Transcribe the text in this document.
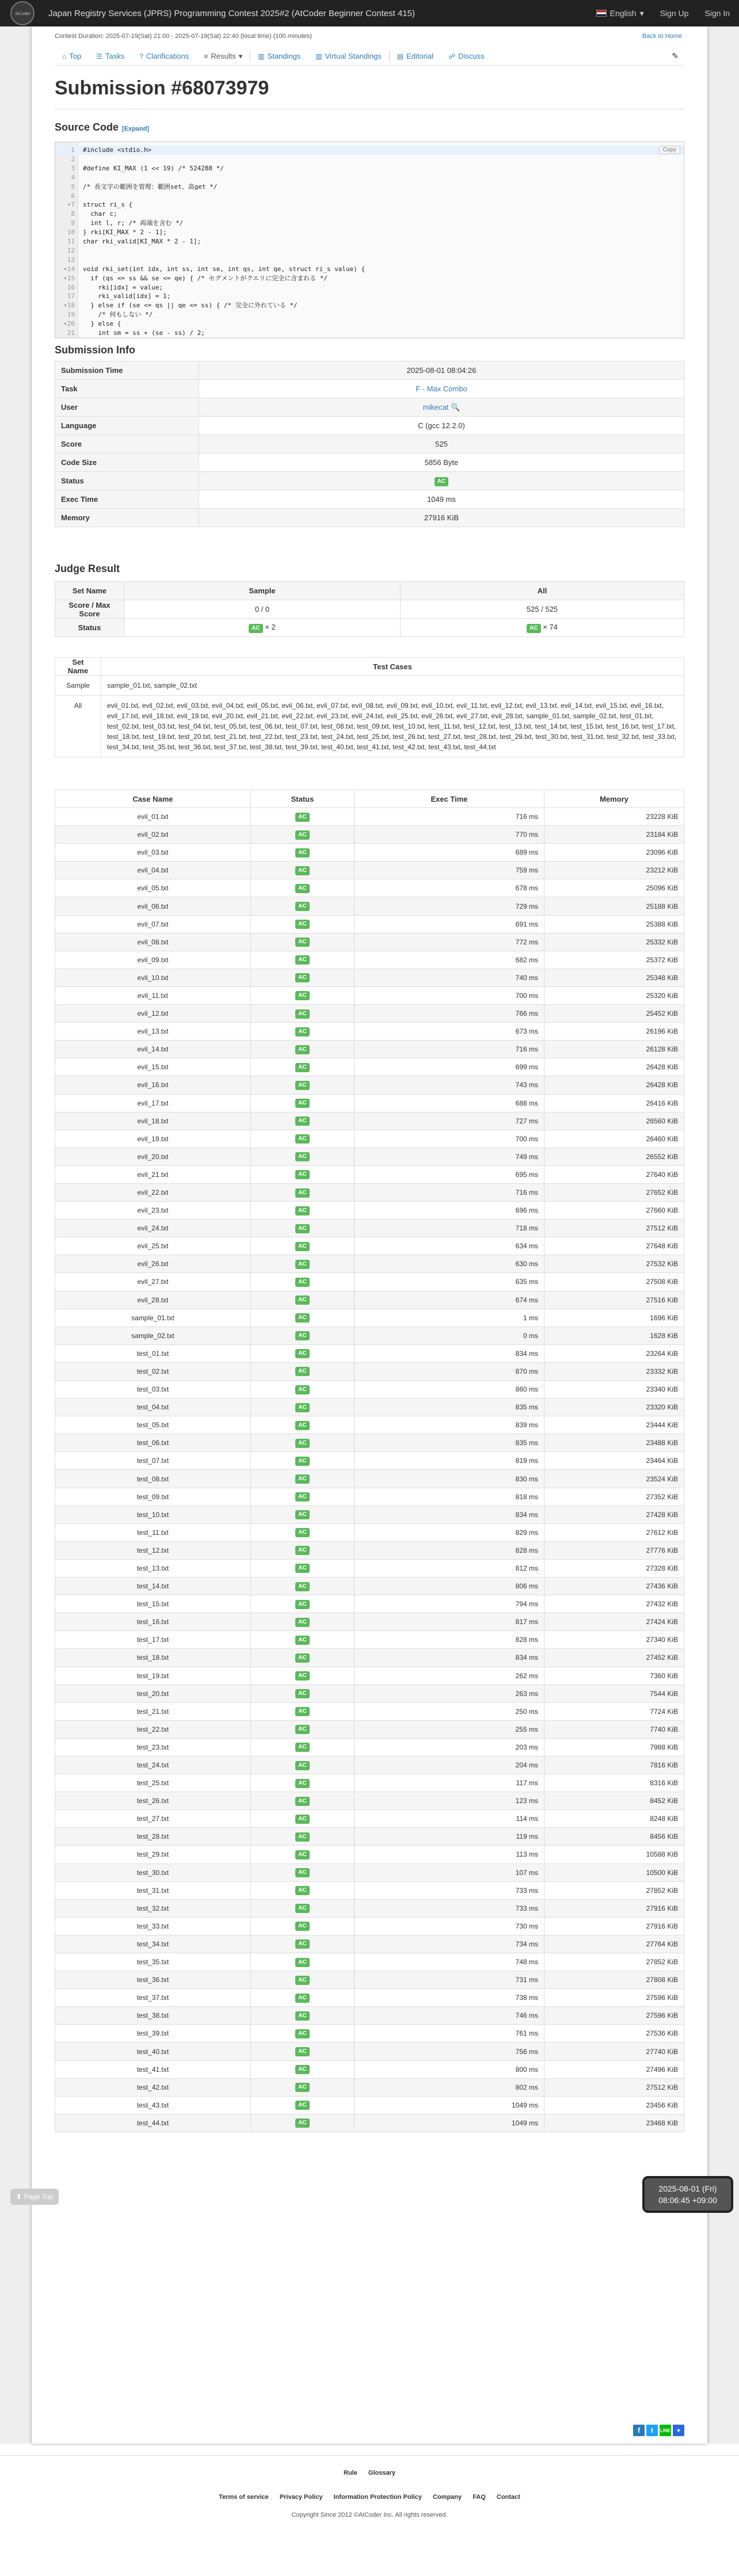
AtCoder Japan Registry Services (JPRS) Programming Contest 2025#2 (AtCoder Beginner Contest 415)	English ▾ Sign Up Sign In
Contest Duration: 2025-07-19(Sat) 21:00 - 2025-07-19(Sat) 22:40 (local time) (100 minutes)	Back to Home
⌂ Top ☰ Tasks ? Clarifications ≡ Results ▾ ▥ Standings ▥ Virtual Standings ▤ Editorial ☍ Discuss	✎
Submission #68073979
Source Code [Expand]
1 #include <stdio.h>
2
3 #define KI_MAX (1 << 19) /* 524288 */
4
5 /* 長文字の範囲を管理：範囲set、高get */
6
▾7 struct ri_s {
8  char c;
9  int l, r; /* 両端を含む */
10 } rki[KI_MAX * 2 - 1];
11 char rki_valid[KI_MAX * 2 - 1];
12
13
▾14 void rki_set(int idx, int ss, int se, int qs, int qe, struct ri_s value) {
▾15  if (qs <= ss && se <= qe) { /* セグメントがクエリに完全に含まれる */
16    rki[idx] = value;
17    rki_valid[idx] = 1;
▾18  } else if (se <= qs || qe <= ss) { /* 完全に外れている */
19    /* 何もしない */
▾20  } else {
21    int sm = ss + (se - ss) / 2;
Copy
Submission Info
Submission Time	2025-08-01 08:04:26
Task	F - Max Combo
User	mikecat 🔍
Language	C (gcc 12.2.0)
Score	525
Code Size	5856 Byte
Status	AC
Exec Time	1049 ms
Memory	27916 KiB
Judge Result
Set Name	Sample	All
Score / Max Score	0 / 0	525 / 525
Status	AC × 2	AC × 74
Set Name	Test Cases
Sample	sample_01.txt, sample_02.txt
All	evil_01.txt, evil_02.txt, evil_03.txt, evil_04.txt, evil_05.txt, evil_06.txt, evil_07.txt, evil_08.txt, evil_09.txt, evil_10.txt, evil_11.txt, evil_12.txt, evil_13.txt, evil_14.txt, evil_15.txt, evil_16.txt, evil_17.txt, evil_18.txt, evil_19.txt, evil_20.txt, evil_21.txt, evil_22.txt, evil_23.txt, evil_24.txt, evil_25.txt, evil_26.txt, evil_27.txt, evil_28.txt, sample_01.txt, sample_02.txt, test_01.txt, test_02.txt, test_03.txt, test_04.txt, test_05.txt, test_06.txt, test_07.txt, test_08.txt, test_09.txt, test_10.txt, test_11.txt, test_12.txt, test_13.txt, test_14.txt, test_15.txt, test_16.txt, test_17.txt, test_18.txt, test_19.txt, test_20.txt, test_21.txt, test_22.txt, test_23.txt, test_24.txt, test_25.txt, test_26.txt, test_27.txt, test_28.txt, test_29.txt, test_30.txt, test_31.txt, test_32.txt, test_33.txt, test_34.txt, test_35.txt, test_36.txt, test_37.txt, test_38.txt, test_39.txt, test_40.txt, test_41.txt, test_42.txt, test_43.txt, test_44.txt
Case Name	Status	Exec Time	Memory
evil_01.txt	AC	716 ms	23228 KiB
evil_02.txt	AC	770 ms	23184 KiB
evil_03.txt	AC	689 ms	23096 KiB
evil_04.txt	AC	759 ms	23212 KiB
evil_05.txt	AC	678 ms	25096 KiB
evil_06.txt	AC	729 ms	25188 KiB
evil_07.txt	AC	691 ms	25388 KiB
evil_08.txt	AC	772 ms	25332 KiB
evil_09.txt	AC	682 ms	25372 KiB
evil_10.txt	AC	740 ms	25348 KiB
evil_11.txt	AC	700 ms	25320 KiB
evil_12.txt	AC	766 ms	25452 KiB
evil_13.txt	AC	673 ms	26196 KiB
evil_14.txt	AC	716 ms	26128 KiB
evil_15.txt	AC	699 ms	26428 KiB
evil_16.txt	AC	743 ms	26428 KiB
evil_17.txt	AC	688 ms	26416 KiB
evil_18.txt	AC	727 ms	26560 KiB
evil_19.txt	AC	700 ms	26460 KiB
evil_20.txt	AC	749 ms	26552 KiB
evil_21.txt	AC	695 ms	27640 KiB
evil_22.txt	AC	716 ms	27652 KiB
evil_23.txt	AC	696 ms	27660 KiB
evil_24.txt	AC	718 ms	27512 KiB
evil_25.txt	AC	634 ms	27648 KiB
evil_26.txt	AC	630 ms	27532 KiB
evil_27.txt	AC	635 ms	27508 KiB
evil_28.txt	AC	674 ms	27516 KiB
sample_01.txt	AC	1 ms	1696 KiB
sample_02.txt	AC	0 ms	1628 KiB
test_01.txt	AC	834 ms	23264 KiB
test_02.txt	AC	870 ms	23332 KiB
test_03.txt	AC	860 ms	23340 KiB
test_04.txt	AC	835 ms	23320 KiB
test_05.txt	AC	839 ms	23444 KiB
test_06.txt	AC	835 ms	23488 KiB
test_07.txt	AC	819 ms	23464 KiB
test_08.txt	AC	830 ms	23524 KiB
test_09.txt	AC	818 ms	27352 KiB
test_10.txt	AC	834 ms	27428 KiB
test_11.txt	AC	829 ms	27612 KiB
test_12.txt	AC	828 ms	27776 KiB
test_13.txt	AC	812 ms	27328 KiB
test_14.txt	AC	806 ms	27436 KiB
test_15.txt	AC	794 ms	27432 KiB
test_16.txt	AC	817 ms	27424 KiB
test_17.txt	AC	828 ms	27340 KiB
test_18.txt	AC	834 ms	27452 KiB
test_19.txt	AC	262 ms	7360 KiB
test_20.txt	AC	263 ms	7544 KiB
test_21.txt	AC	250 ms	7724 KiB
test_22.txt	AC	255 ms	7740 KiB
test_23.txt	AC	203 ms	7988 KiB
test_24.txt	AC	204 ms	7816 KiB
test_25.txt	AC	117 ms	8316 KiB
test_26.txt	AC	123 ms	8452 KiB
test_27.txt	AC	114 ms	8248 KiB
test_28.txt	AC	119 ms	8456 KiB
test_29.txt	AC	113 ms	10588 KiB
test_30.txt	AC	107 ms	10500 KiB
test_31.txt	AC	733 ms	27852 KiB
test_32.txt	AC	733 ms	27916 KiB
test_33.txt	AC	730 ms	27916 KiB
test_34.txt	AC	734 ms	27764 KiB
test_35.txt	AC	748 ms	27852 KiB
test_36.txt	AC	731 ms	27808 KiB
test_37.txt	AC	738 ms	27596 KiB
test_38.txt	AC	746 ms	27596 KiB
test_39.txt	AC	761 ms	27536 KiB
test_40.txt	AC	756 ms	27740 KiB
test_41.txt	AC	800 ms	27496 KiB
test_42.txt	AC	802 ms	27512 KiB
test_43.txt	AC	1049 ms	23456 KiB
test_44.txt	AC	1049 ms	23468 KiB
⬆ Page Top
2025-08-01 (Fri)
08:06:45 +09:00
f	t	LINE +
Rule Glossary
Terms of service Privacy Policy Information Protection Policy Company FAQ Contact
Copyright Since 2012 ©AtCoder Inc. All rights reserved.
